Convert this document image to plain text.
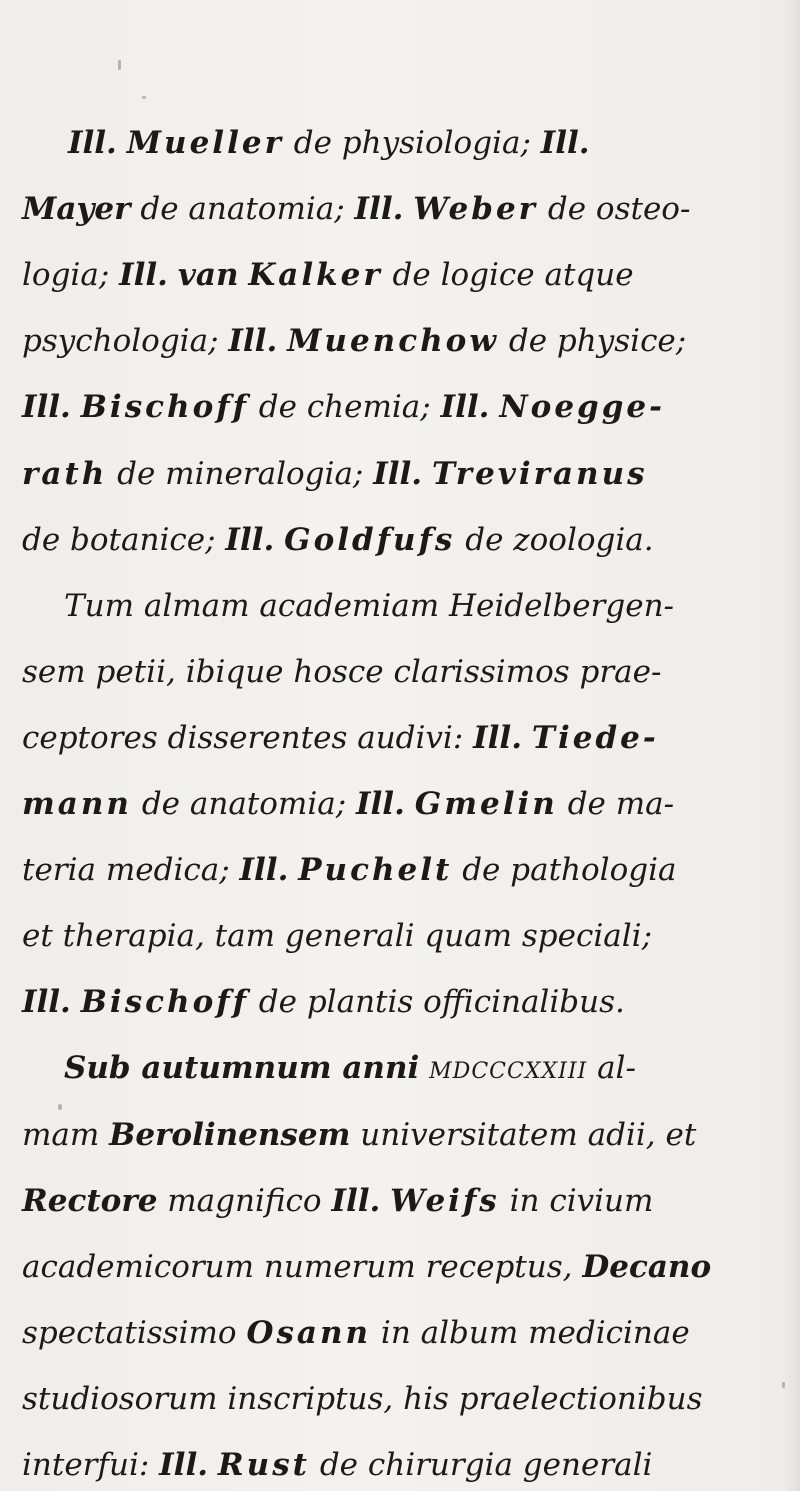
Ill. Mueller de physiologia; Ill.
Mayer de anatomia; Ill. Weber de osteo-
logia; Ill. van Kalker de logice atque
psychologia; Ill. Muenchow de physice;
Ill. Bischoff de chemia; Ill. Noegge-
rath de mineralogia; Ill. Treviranus
de botanice; Ill. Goldfufs de zoologia.
Tum almam academiam Heidelbergen-
sem petii, ibique hosce clarissimos prae-
ceptores disserentes audivi: Ill. Tiede-
mann de anatomia; Ill. Gmelin de ma-
teria medica; Ill. Puchelt de pathologia
et therapia, tam generali quam speciali;
Ill. Bischoff de plantis officinalibus.
Sub autumnum anni mdcccxxiii al-
mam Berolinensem universitatem adii, et
Rectore magnifico Ill. Weifs in civium
academicorum numerum receptus, Decano
spectatissimo Osann in album medicinae
studiosorum inscriptus, his praelectionibus
interfui: Ill. Rust de chirurgia generali
